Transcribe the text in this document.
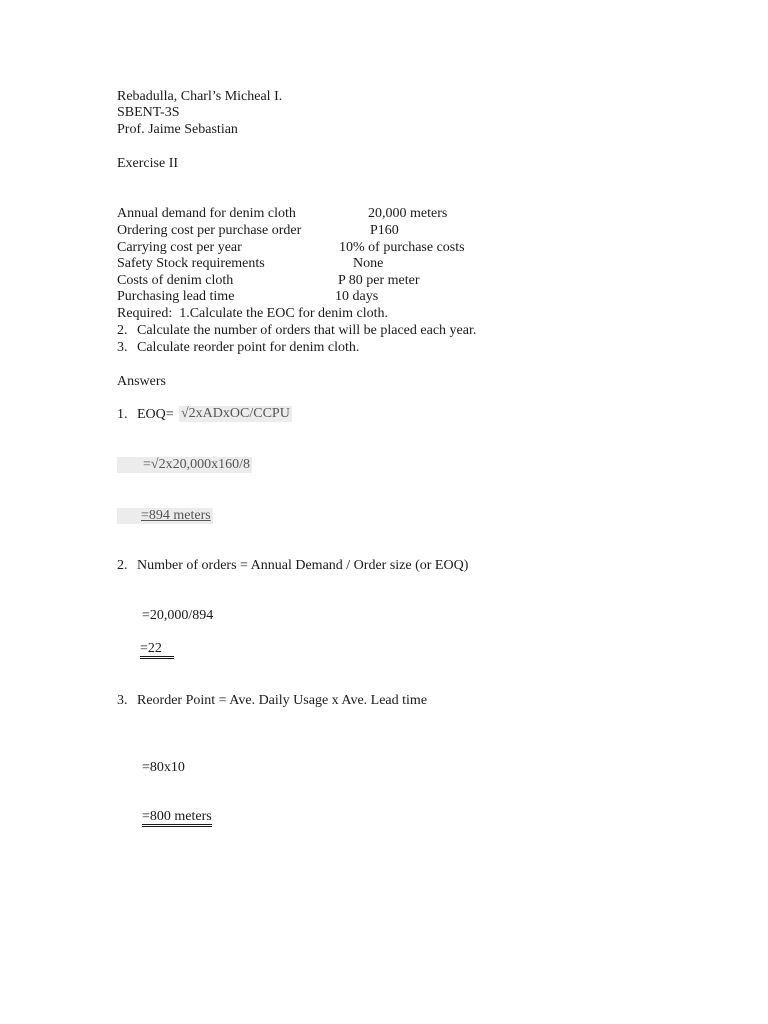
Rebadulla, Charl’s Micheal I.
SBENT-3S
Prof. Jaime Sebastian
Exercise II
Annual demand for denim cloth	20,000 meters
Ordering cost per purchase order	P160
Carrying cost per year	10% of purchase costs
Safety Stock requirements	None
Costs of denim cloth	P 80 per meter
Purchasing lead time	10 days
Required:  1.Calculate the EOC for denim cloth.
2. Calculate the number of orders that will be placed each year.
3. Calculate reorder point for denim cloth.
Answers
1. EOQ= √2xADxOC/CCPU
=√2x20,000x160/8
=894 meters
2. Number of orders = Annual Demand / Order size (or EOQ)
=20,000/894
=22
3. Reorder Point = Ave. Daily Usage x Ave. Lead time
=80x10
=800 meters
